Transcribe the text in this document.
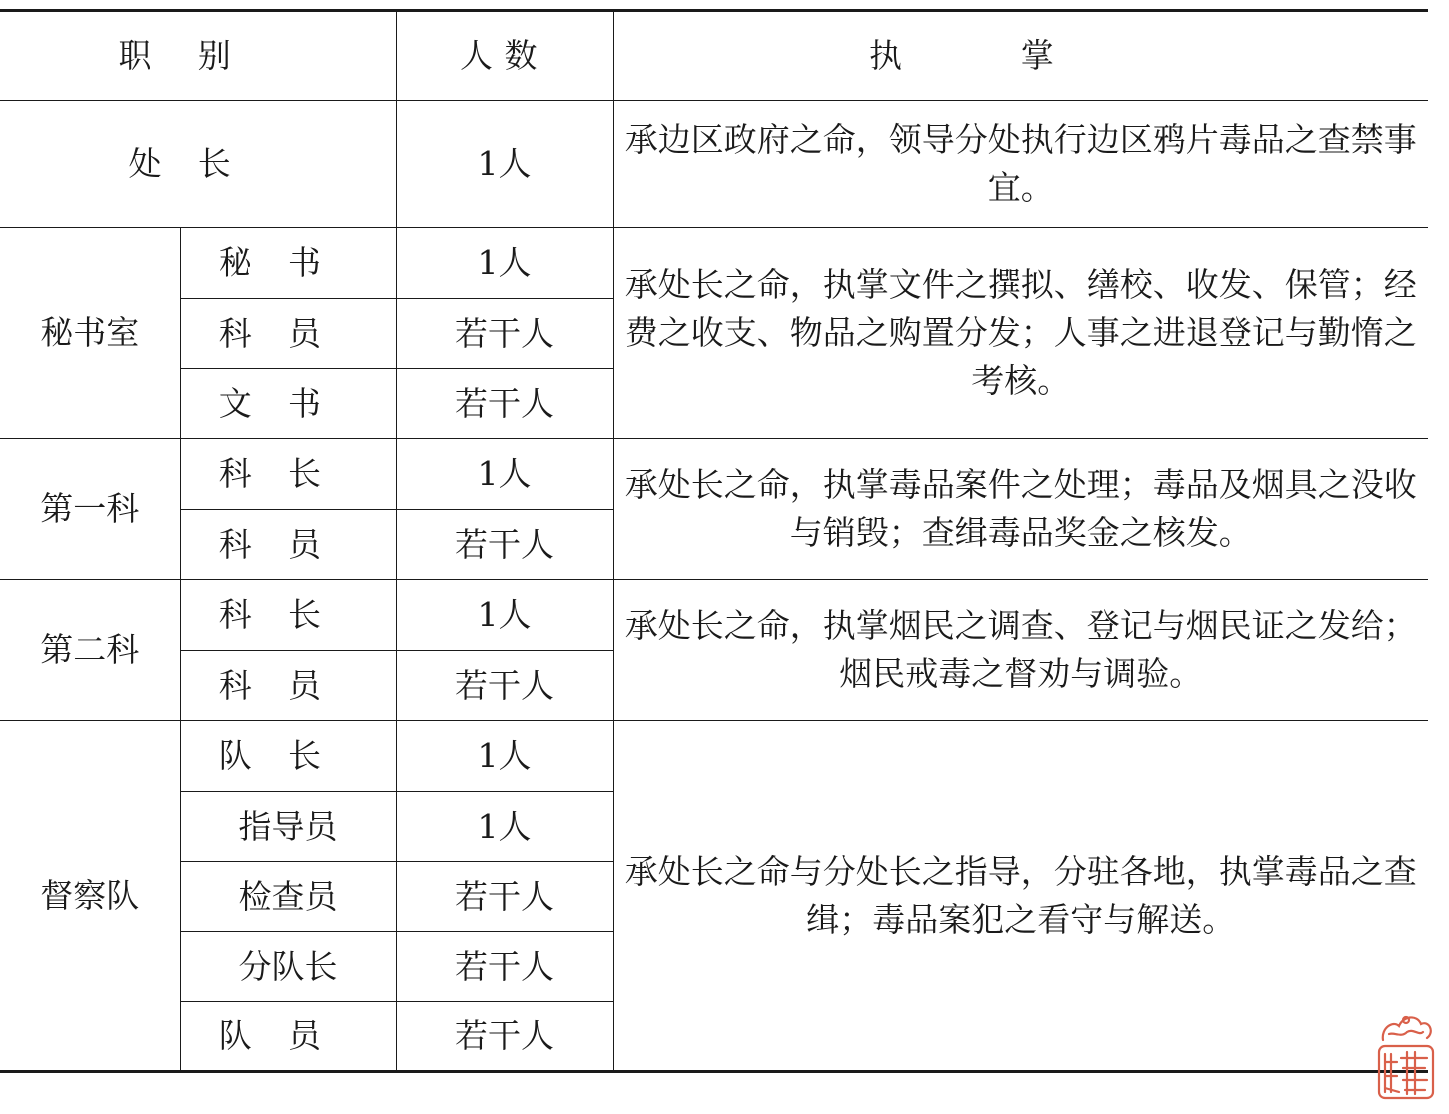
职别		人数	执掌
处长		1人	承边区政府之命，领导分处执行边区鸦片毒品之查禁事宜。
秘书室	秘书	1人	承处长之命，执掌文件之撰拟、缮校、收发、保管；经费之收支、物品之购置分发；人事之进退登记与勤惰之考核。
	科员	若干人	
	文书	若干人	
第一科	科长	1人	承处长之命，执掌毒品案件之处理；毒品及烟具之没收与销毁；查缉毒品奖金之核发。
	科员	若干人	
第二科	科长	1人	承处长之命，执掌烟民之调查、登记与烟民证之发给；烟民戒毒之督劝与调验。
	科员	若干人	
督察队	队长	1人	承处长之命与分处长之指导，分驻各地，执掌毒品之查缉；毒品案犯之看守与解送。
	指导员	1人	
	检查员	若干人	
	分队长	若干人	
	队员	若干人	
